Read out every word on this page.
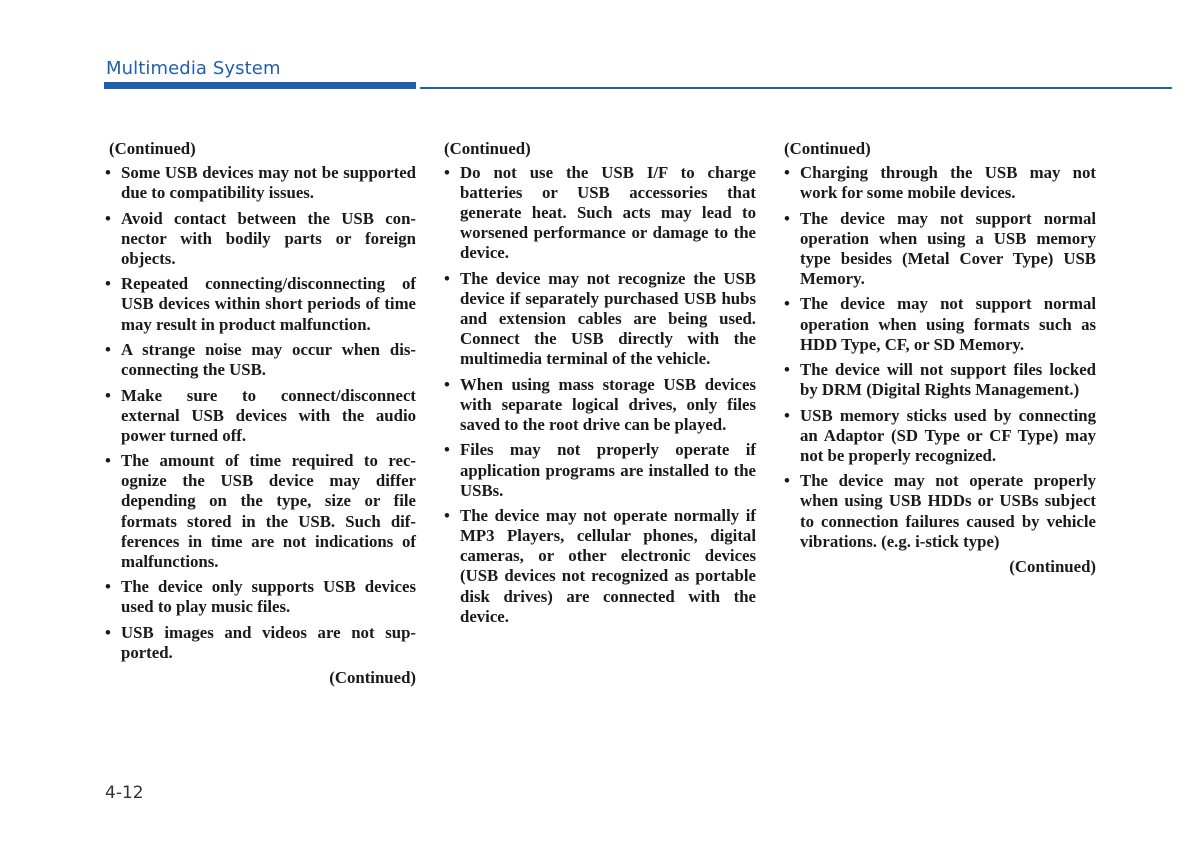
Multimedia System
(Continued)
• Some USB devices may not be supported due to compatibility issues.
• Avoid contact between the USB connector with bodily parts or foreign objects.
• Repeated connecting/disconnecting of USB devices within short periods of time may result in product malfunction.
• A strange noise may occur when disconnecting the USB.
• Make sure to connect/disconnect external USB devices with the audio power turned off.
• The amount of time required to recognize the USB device may differ depending on the type, size or file formats stored in the USB. Such differences in time are not indications of malfunctions.
• The device only supports USB devices used to play music files.
• USB images and videos are not supported.
(Continued)
(Continued)
• Do not use the USB I/F to charge batteries or USB accessories that generate heat. Such acts may lead to worsened performance or damage to the device.
• The device may not recognize the USB device if separately purchased USB hubs and extension cables are being used. Connect the USB directly with the multimedia terminal of the vehicle.
• When using mass storage USB devices with separate logical drives, only files saved to the root drive can be played.
• Files may not properly operate if application programs are installed to the USBs.
• The device may not operate normally if MP3 Players, cellular phones, digital cameras, or other electronic devices (USB devices not recognized as portable disk drives) are connected with the device.
(Continued)
• Charging through the USB may not work for some mobile devices.
• The device may not support normal operation when using a USB memory type besides (Metal Cover Type) USB Memory.
• The device may not support normal operation when using formats such as HDD Type, CF, or SD Memory.
• The device will not support files locked by DRM (Digital Rights Management.)
• USB memory sticks used by connecting an Adaptor (SD Type or CF Type) may not be properly recognized.
• The device may not operate properly when using USB HDDs or USBs subject to connection failures caused by vehicle vibrations. (e.g. i-stick type)
(Continued)
4-12
